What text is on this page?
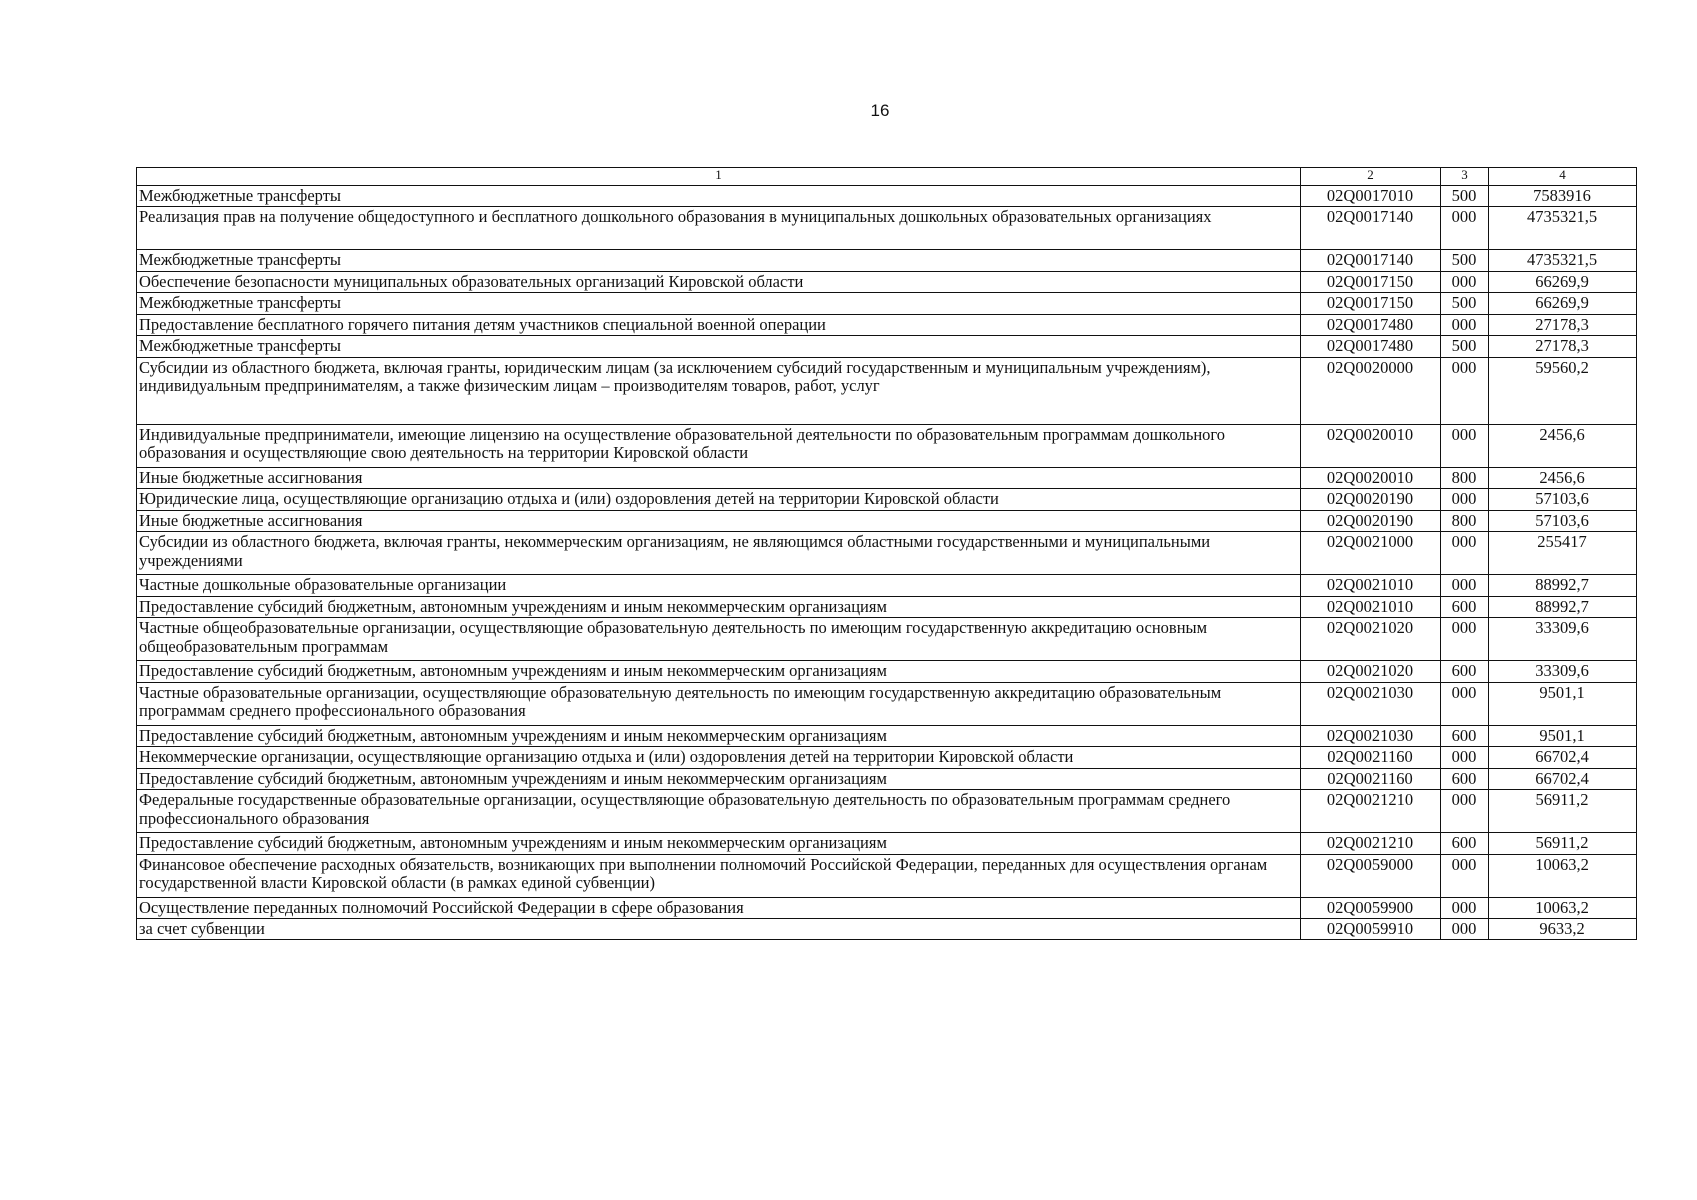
16
1	2	3	4
Межбюджетные трансферты	02Q0017010	500	7583916
Реализация прав на получение общедоступного и бесплатного дошкольного образования в муниципальных дошкольных образовательных организациях	02Q0017140	000	4735321,5
Межбюджетные трансферты	02Q0017140	500	4735321,5
Обеспечение безопасности муниципальных образовательных организаций Кировской области	02Q0017150	000	66269,9
Межбюджетные трансферты	02Q0017150	500	66269,9
Предоставление бесплатного горячего питания детям участников специальной военной операции	02Q0017480	000	27178,3
Межбюджетные трансферты	02Q0017480	500	27178,3
Субсидии из областного бюджета, включая гранты, юридическим лицам (за исключением субсидий государственным и муниципальным учреждениям), индивидуальным предпринимателям, а также физическим лицам – производителям товаров, работ, услуг	02Q0020000	000	59560,2
Индивидуальные предприниматели, имеющие лицензию на осуществление образовательной деятельности по образовательным программам дошкольного образования и осуществляющие свою деятельность на территории Кировской области	02Q0020010	000	2456,6
Иные бюджетные ассигнования	02Q0020010	800	2456,6
Юридические лица, осуществляющие организацию отдыха и (или) оздоровления детей на территории Кировской области	02Q0020190	000	57103,6
Иные бюджетные ассигнования	02Q0020190	800	57103,6
Субсидии из областного бюджета, включая гранты, некоммерческим организациям, не являющимся областными государственными и муниципальными учреждениями	02Q0021000	000	255417
Частные дошкольные образовательные организации	02Q0021010	000	88992,7
Предоставление субсидий бюджетным, автономным учреждениям и иным некоммерческим организациям	02Q0021010	600	88992,7
Частные общеобразовательные организации, осуществляющие образовательную деятельность по имеющим государственную аккредитацию основным общеобразовательным программам	02Q0021020	000	33309,6
Предоставление субсидий бюджетным, автономным учреждениям и иным некоммерческим организациям	02Q0021020	600	33309,6
Частные образовательные организации, осуществляющие образовательную деятельность по имеющим государственную аккредитацию образовательным программам среднего профессионального образования	02Q0021030	000	9501,1
Предоставление субсидий бюджетным, автономным учреждениям и иным некоммерческим организациям	02Q0021030	600	9501,1
Некоммерческие организации, осуществляющие организацию отдыха и (или) оздоровления детей на территории Кировской области	02Q0021160	000	66702,4
Предоставление субсидий бюджетным, автономным учреждениям и иным некоммерческим организациям	02Q0021160	600	66702,4
Федеральные государственные образовательные организации, осуществляющие образовательную деятельность по образовательным программам среднего профессионального образования	02Q0021210	000	56911,2
Предоставление субсидий бюджетным, автономным учреждениям и иным некоммерческим организациям	02Q0021210	600	56911,2
Финансовое обеспечение расходных обязательств, возникающих при выполнении полномочий Российской Федерации, переданных для осуществления органам государственной власти Кировской области (в рамках единой субвенции)	02Q0059000	000	10063,2
Осуществление переданных полномочий Российской Федерации в сфере образования	02Q0059900	000	10063,2
за счет субвенции	02Q0059910	000	9633,2
